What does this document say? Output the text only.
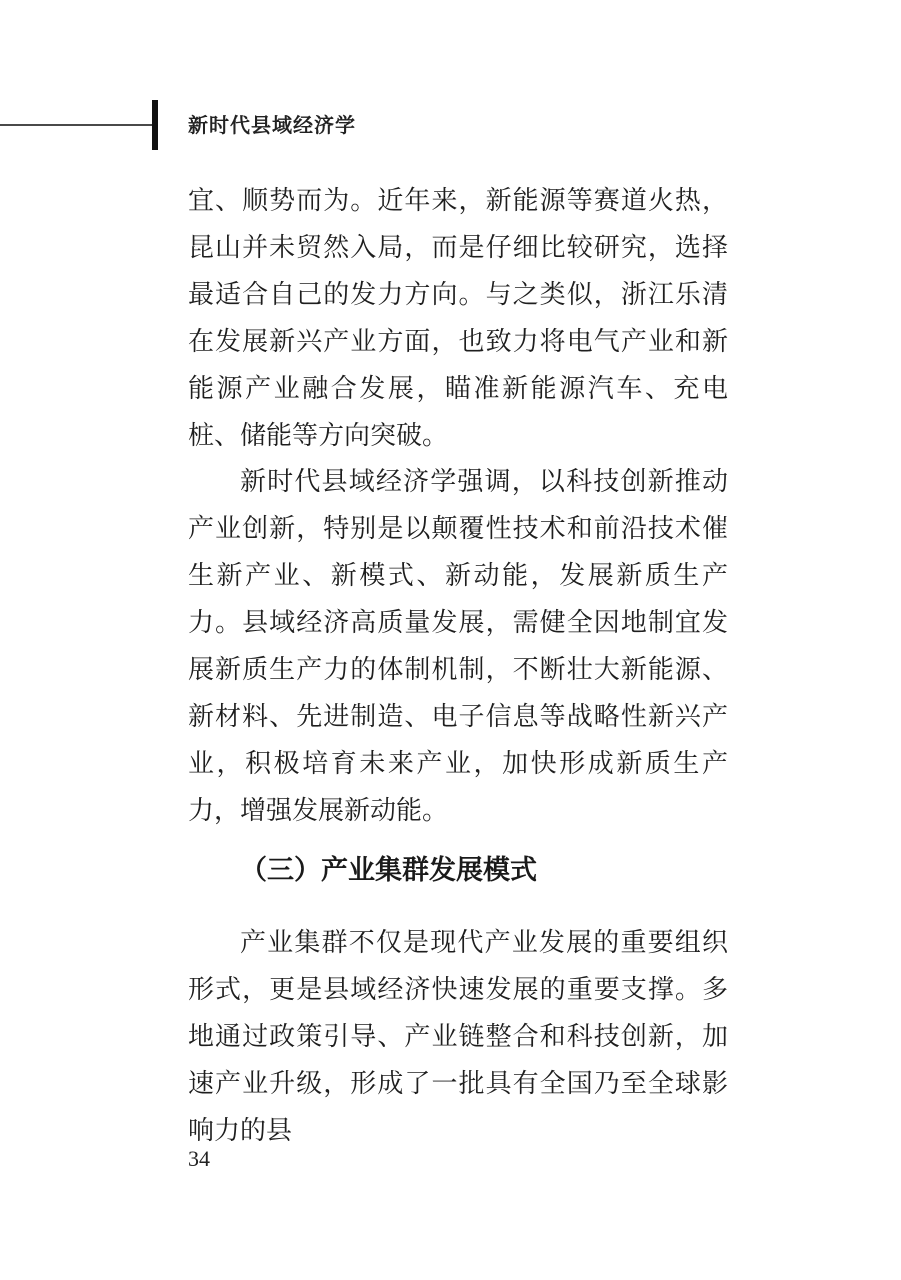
新时代县域经济学

宜、顺势而为。近年来，新能源等赛道火热，昆山并未贸然入局，而是仔细比较研究，选择最适合自己的发力方向。与之类似，浙江乐清在发展新兴产业方面，也致力将电气产业和新能源产业融合发展，瞄准新能源汽车、充电桩、储能等方向突破。

新时代县域经济学强调，以科技创新推动产业创新，特别是以颠覆性技术和前沿技术催生新产业、新模式、新动能，发展新质生产力。县域经济高质量发展，需健全因地制宜发展新质生产力的体制机制，不断壮大新能源、新材料、先进制造、电子信息等战略性新兴产业，积极培育未来产业，加快形成新质生产力，增强发展新动能。

（三）产业集群发展模式

产业集群不仅是现代产业发展的重要组织形式，更是县域经济快速发展的重要支撑。多地通过政策引导、产业链整合和科技创新，加速产业升级，形成了一批具有全国乃至全球影响力的县

34
